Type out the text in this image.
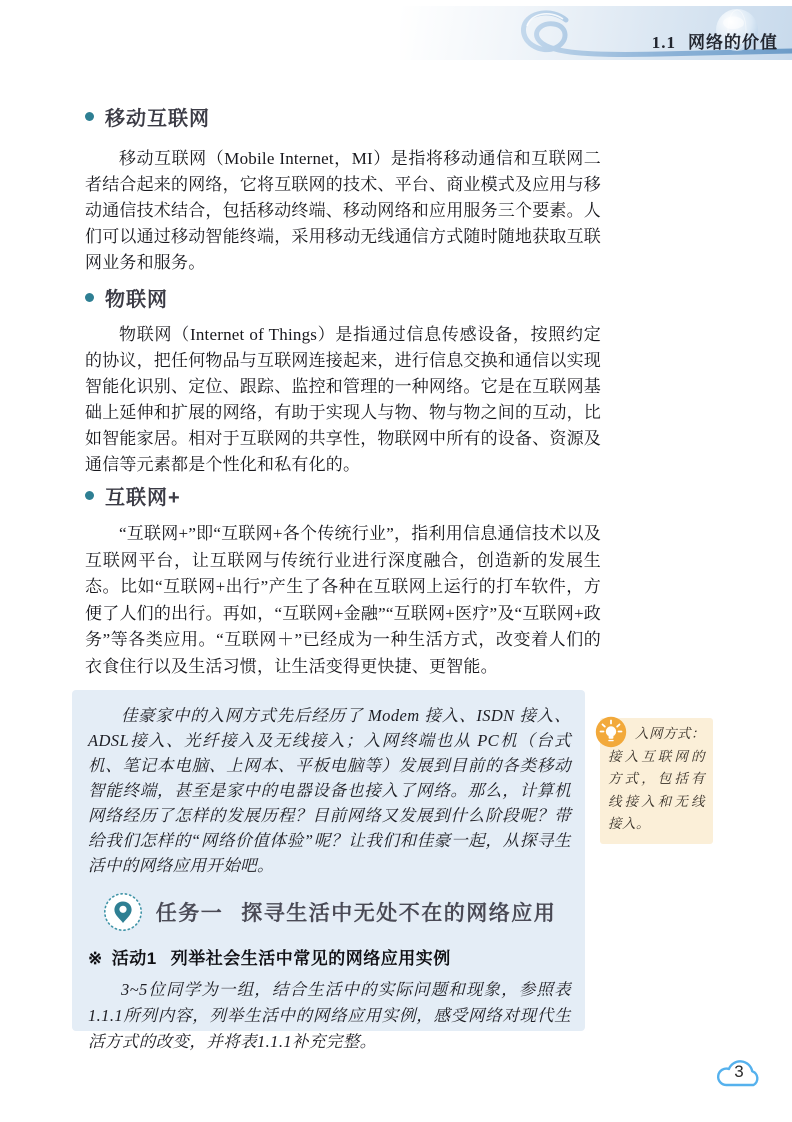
1.1 网络的价值
移动互联网

移动互联网（Mobile Internet，MI）是指将移动通信和互联网二者结合起来的网络，它将互联网的技术、平台、商业模式及应用与移动通信技术结合，包括移动终端、移动网络和应用服务三个要素。人们可以通过移动智能终端，采用移动无线通信方式随时随地获取互联网业务和服务。

物联网

物联网（Internet of Things）是指通过信息传感设备，按照约定的协议，把任何物品与互联网连接起来，进行信息交换和通信以实现智能化识别、定位、跟踪、监控和管理的一种网络。它是在互联网基础上延伸和扩展的网络，有助于实现人与物、物与物之间的互动，比如智能家居。相对于互联网的共享性，物联网中所有的设备、资源及通信等元素都是个性化和私有化的。

互联网+

“互联网+”即“互联网+各个传统行业”，指利用信息通信技术以及互联网平台，让互联网与传统行业进行深度融合，创造新的发展生态。比如“互联网+出行”产生了各种在互联网上运行的打车软件，方便了人们的出行。再如，“互联网+金融”“互联网+医疗”及“互联网+政务”等各类应用。“互联网＋”已经成为一种生活方式，改变着人们的衣食住行以及生活习惯，让生活变得更快捷、更智能。

佳豪家中的入网方式先后经历了 Modem 接入、ISDN 接入、ADSL接入、光纤接入及无线接入；入网终端也从 PC机（台式机、笔记本电脑、上网本、平板电脑等）发展到目前的各类移动智能终端，甚至是家中的电器设备也接入了网络。那么，计算机网络经历了怎样的发展历程？目前网络又发展到什么阶段呢？带给我们怎样的“网络价值体验”呢？让我们和佳豪一起，从探寻生活中的网络应用开始吧。

任务一 探寻生活中无处不在的网络应用
※ 活动1 列举社会生活中常见的网络应用实例

3~5位同学为一组，结合生活中的实际问题和现象，参照表1.1.1所列内容，列举生活中的网络应用实例，感受网络对现代生活方式的改变，并将表1.1.1补充完整。

入网方式：接入互联网的方式，包括有线接入和无线接入。

3
